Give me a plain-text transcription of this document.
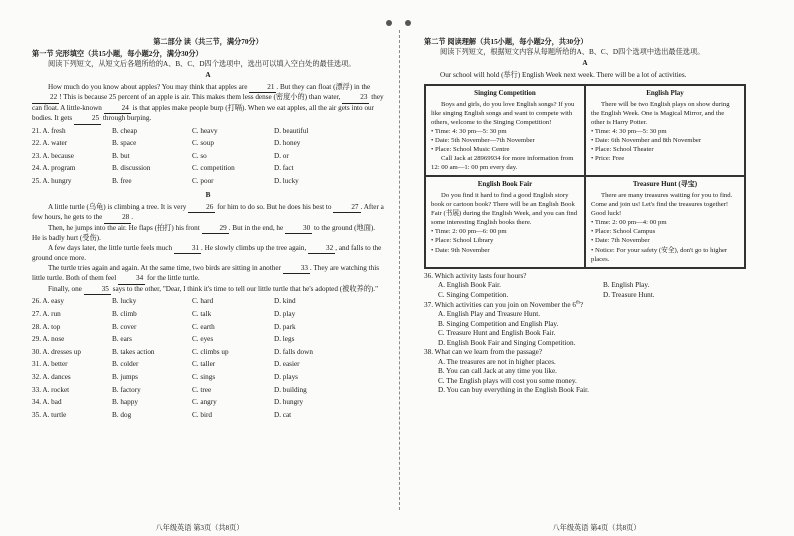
第二部分 读（共三节，满分70分）
第一节 完形填空（共15小题，每小题2分，满分30分）
阅读下列短文，从短文后各题所给的A、B、C、D四个选项中，选出可以填入空白处的最佳选项。
A
How much do you know about apples? You may think that apples are	21 . But they can float (漂浮) in the 22 ! This is because 25 percent of an apple is air. This makes them less dense (密度小的) than water,	23 they can float. A little-known	24 is that apples make people burp (打嗝). When we eat apples, all the air gets into our bodies. It gets	25 through burping.
21. A. fresh	B. cheap	C. heavy	D. beautiful
22. A. water	B. space	C. soup	D. honey
23. A. because	B. but	C. so	D. or
24. A. program	B. discussion	C. competition	D. fact
25. A. hungry	B. free	C. poor	D. lucky
B
A little turtle (乌龟) is climbing a tree. It is very	26 for him to do so. But he does his best to	27 . After a few hours, he gets to the	28 .
Then, he jumps into the air. He flaps (拍打) his front	29 . But in the end, he	30 to the ground (地面). He is badly hurt (受伤).
A few days later, the little turtle feels much	31 . He slowly climbs up the tree again,	32 , and falls to the ground once more.
The turtle tries again and again. At the same time, two birds are sitting in another	33 . They are watching this little turtle. Both of them feel	34 for the little turtle.
Finally, one	35 says to the other, "Dear, I think it's time to tell our little turtle that he's adopted (被收养的)."
26. A. easy	B. lucky	C. hard	D. kind
27. A. run	B. climb	C. talk	D. play
28. A. top	B. cover	C. earth	D. park
29. A. nose	B. ears	C. eyes	D. legs
30. A. dresses up	B. takes action	C. climbs up	D. falls down
31. A. better	B. colder	C. taller	D. easier
32. A. dances	B. jumps	C. sings	D. plays
33. A. rocket	B. factory	C. tree	D. building
34. A. bad	B. happy	C. angry	D. hungry
35. A. turtle	B. dog	C. bird	D. cat
八年级英语 第3页（共8页）
第二节 阅读理解（共15小题，每小题2分，共30分）
阅读下列短文，根据短文内容从每题所给的A、B、C、D四个选项中选出最佳选项。
A
Our school will hold (举行) English Week next week. There will be a lot of activities.
Singing Competition
Boys and girls, do you love English songs? If you like singing English songs and want to compete with others, welcome to the Singing Competition!
• Time: 4: 30 pm—5: 30 pm
• Date: 5th November—7th November
• Place: School Music Centre
Call Jack at 28969934 for more information from 12: 00 am—1: 00 pm every day.
English Play
There will be two English plays on show during the English Week. One is Magical Mirror, and the other is Harry Potter.
• Time: 4: 30 pm—5: 30 pm
• Date: 6th November and 8th November
• Place: School Theater
• Price: Free
English Book Fair
Do you find it hard to find a good English story book or cartoon book? There will be an English Book Fair (书展) during the English Week, and you can find some interesting English books there.
• Time: 2: 00 pm—6: 00 pm
• Place: School Library
• Date: 9th November
Treasure Hunt (寻宝)
There are many treasures waiting for you to find. Come and join us! Let's find the treasures together! Good luck!
• Time: 2: 00 pm—4: 00 pm
• Place: School Campus
• Date: 7th November
• Notice: For your safety (安全), don't go to higher places.
36. Which activity lasts four hours?
A. English Book Fair.	B. English Play.
C. Singing Competition.	D. Treasure Hunt.
37. Which activities can you join on November the 6th?
A. English Play and Treasure Hunt.
B. Singing Competition and English Play.
C. Treasure Hunt and English Book Fair.
D. English Book Fair and Singing Competition.
38. What can we learn from the passage?
A. The treasures are not in higher places.
B. You can call Jack at any time you like.
C. The English plays will cost you some money.
D. You can buy everything in the English Book Fair.
八年级英语 第4页（共8页）
